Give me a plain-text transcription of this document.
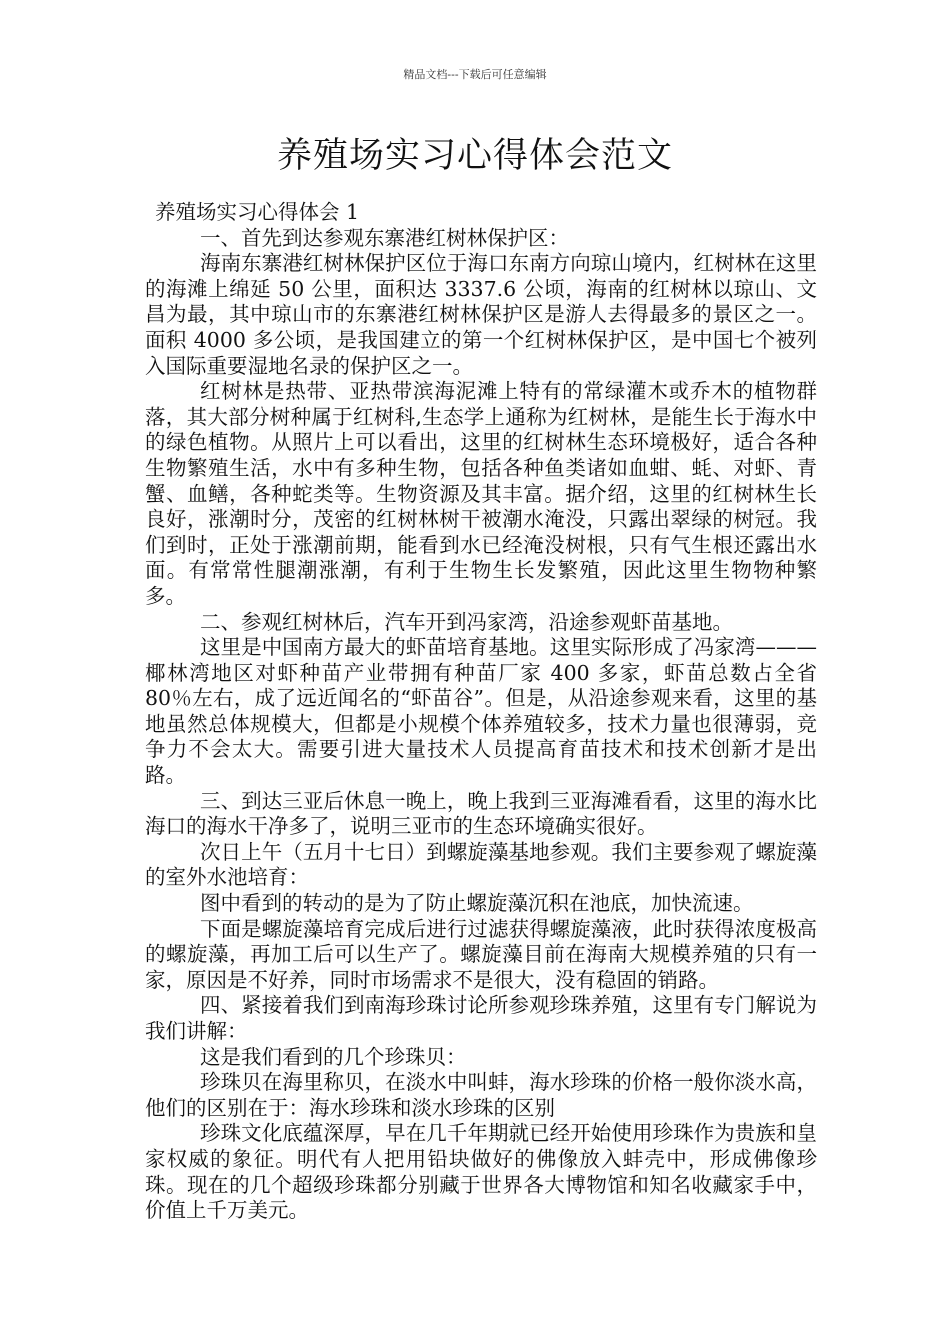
精品文档---下载后可任意编辑
养殖场实习心得体会范文

养殖场实习心得体会 1

一、首先到达参观东寨港红树林保护区：

海南东寨港红树林保护区位于海口东南方向琼山境内，红树林在这里的海滩上绵延 50 公里，面积达 3337.6 公顷，海南的红树林以琼山、文昌为最，其中琼山市的东寨港红树林保护区是游人去得最多的景区之一。面积 4000 多公顷，是我国建立的第一个红树林保护区，是中国七个被列入国际重要湿地名录的保护区之一。

红树林是热带、亚热带滨海泥滩上特有的常绿灌木或乔木的植物群落，其大部分树种属于红树科,生态学上通称为红树林，是能生长于海水中的绿色植物。从照片上可以看出，这里的红树林生态环境极好，适合各种生物繁殖生活，水中有多种生物，包括各种鱼类诸如血蚶、蚝、对虾、青蟹、血鳝，各种蛇类等。生物资源及其丰富。据介绍，这里的红树林生长良好，涨潮时分，茂密的红树林树干被潮水淹没，只露出翠绿的树冠。我们到时，正处于涨潮前期，能看到水已经淹没树根，只有气生根还露出水面。有常常性腿潮涨潮，有利于生物生长发繁殖，因此这里生物物种繁多。

二、参观红树林后，汽车开到冯家湾，沿途参观虾苗基地。

这里是中国南方最大的虾苗培育基地。这里实际形成了冯家湾———椰林湾地区对虾种苗产业带拥有种苗厂家 400 多家，虾苗总数占全省 80％左右，成了远近闻名的“虾苗谷”。但是，从沿途参观来看，这里的基地虽然总体规模大，但都是小规模个体养殖较多，技术力量也很薄弱，竞争力不会太大。需要引进大量技术人员提高育苗技术和技术创新才是出路。

三、到达三亚后休息一晚上，晚上我到三亚海滩看看，这里的海水比海口的海水干净多了，说明三亚市的生态环境确实很好。

次日上午（五月十七日）到螺旋藻基地参观。我们主要参观了螺旋藻的室外水池培育：

图中看到的转动的是为了防止螺旋藻沉积在池底，加快流速。

下面是螺旋藻培育完成后进行过滤获得螺旋藻液，此时获得浓度极高的螺旋藻，再加工后可以生产了。螺旋藻目前在海南大规模养殖的只有一家，原因是不好养，同时市场需求不是很大，没有稳固的销路。

四、紧接着我们到南海珍珠讨论所参观珍珠养殖，这里有专门解说为我们讲解：

这是我们看到的几个珍珠贝：

珍珠贝在海里称贝，在淡水中叫蚌，海水珍珠的价格一般你淡水高，他们的区别在于：海水珍珠和淡水珍珠的区别

珍珠文化底蕴深厚，早在几千年期就已经开始使用珍珠作为贵族和皇家权威的象征。明代有人把用铅块做好的佛像放入蚌壳中，形成佛像珍珠。现在的几个超级珍珠都分别藏于世界各大博物馆和知名收藏家手中，价值上千万美元。
